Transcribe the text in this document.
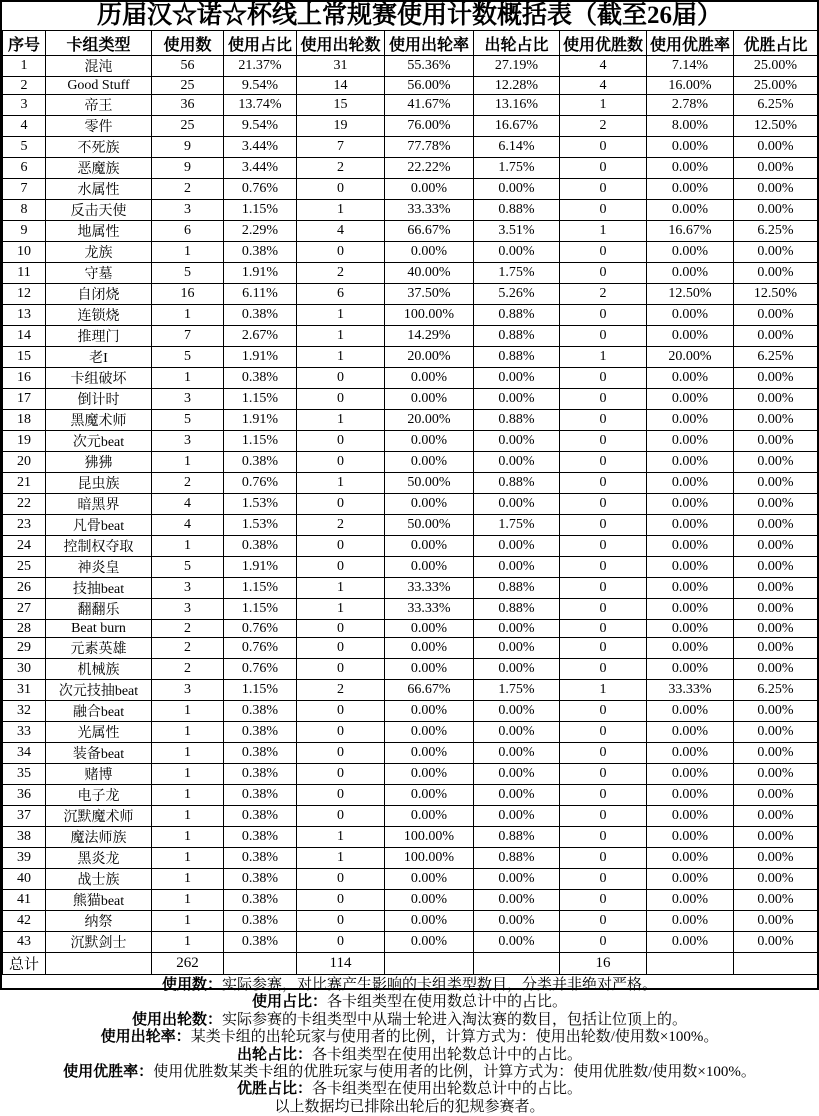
历届汉☆诺☆杯线上常规赛使用计数概括表（截至26届）
序号	卡组类型	使用数	使用占比	使用出轮数	使用出轮率	出轮占比	使用优胜数	使用优胜率	优胜占比
1	混沌	56	21.37%	31	55.36%	27.19%	4	7.14%	25.00%
2	Good Stuff	25	9.54%	14	56.00%	12.28%	4	16.00%	25.00%
3	帝王	36	13.74%	15	41.67%	13.16%	1	2.78%	6.25%
4	零件	25	9.54%	19	76.00%	16.67%	2	8.00%	12.50%
5	不死族	9	3.44%	7	77.78%	6.14%	0	0.00%	0.00%
6	恶魔族	9	3.44%	2	22.22%	1.75%	0	0.00%	0.00%
7	水属性	2	0.76%	0	0.00%	0.00%	0	0.00%	0.00%
8	反击天使	3	1.15%	1	33.33%	0.88%	0	0.00%	0.00%
9	地属性	6	2.29%	4	66.67%	3.51%	1	16.67%	6.25%
10	龙族	1	0.38%	0	0.00%	0.00%	0	0.00%	0.00%
11	守墓	5	1.91%	2	40.00%	1.75%	0	0.00%	0.00%
12	自闭烧	16	6.11%	6	37.50%	5.26%	2	12.50%	12.50%
13	连锁烧	1	0.38%	1	100.00%	0.88%	0	0.00%	0.00%
14	推理门	7	2.67%	1	14.29%	0.88%	0	0.00%	0.00%
15	老I	5	1.91%	1	20.00%	0.88%	1	20.00%	6.25%
16	卡组破坏	1	0.38%	0	0.00%	0.00%	0	0.00%	0.00%
17	倒计时	3	1.15%	0	0.00%	0.00%	0	0.00%	0.00%
18	黑魔术师	5	1.91%	1	20.00%	0.88%	0	0.00%	0.00%
19	次元beat	3	1.15%	0	0.00%	0.00%	0	0.00%	0.00%
20	狒狒	1	0.38%	0	0.00%	0.00%	0	0.00%	0.00%
21	昆虫族	2	0.76%	1	50.00%	0.88%	0	0.00%	0.00%
22	暗黑界	4	1.53%	0	0.00%	0.00%	0	0.00%	0.00%
23	凡骨beat	4	1.53%	2	50.00%	1.75%	0	0.00%	0.00%
24	控制权夺取	1	0.38%	0	0.00%	0.00%	0	0.00%	0.00%
25	神炎皇	5	1.91%	0	0.00%	0.00%	0	0.00%	0.00%
26	技抽beat	3	1.15%	1	33.33%	0.88%	0	0.00%	0.00%
27	翻翻乐	3	1.15%	1	33.33%	0.88%	0	0.00%	0.00%
28	Beat burn	2	0.76%	0	0.00%	0.00%	0	0.00%	0.00%
29	元素英雄	2	0.76%	0	0.00%	0.00%	0	0.00%	0.00%
30	机械族	2	0.76%	0	0.00%	0.00%	0	0.00%	0.00%
31	次元技抽beat	3	1.15%	2	66.67%	1.75%	1	33.33%	6.25%
32	融合beat	1	0.38%	0	0.00%	0.00%	0	0.00%	0.00%
33	光属性	1	0.38%	0	0.00%	0.00%	0	0.00%	0.00%
34	装备beat	1	0.38%	0	0.00%	0.00%	0	0.00%	0.00%
35	赌博	1	0.38%	0	0.00%	0.00%	0	0.00%	0.00%
36	电子龙	1	0.38%	0	0.00%	0.00%	0	0.00%	0.00%
37	沉默魔术师	1	0.38%	0	0.00%	0.00%	0	0.00%	0.00%
38	魔法师族	1	0.38%	1	100.00%	0.88%	0	0.00%	0.00%
39	黑炎龙	1	0.38%	1	100.00%	0.88%	0	0.00%	0.00%
40	战士族	1	0.38%	0	0.00%	0.00%	0	0.00%	0.00%
41	熊猫beat	1	0.38%	0	0.00%	0.00%	0	0.00%	0.00%
42	纳祭	1	0.38%	0	0.00%	0.00%	0	0.00%	0.00%
43	沉默剑士	1	0.38%	0	0.00%	0.00%	0	0.00%	0.00%
总计		262		114			16		
使用数：实际参赛，对比赛产生影响的卡组类型数目，分类并非绝对严格。
使用占比：各卡组类型在使用数总计中的占比。
使用出轮数：实际参赛的卡组类型中从瑞士轮进入淘汰赛的数目，包括让位顶上的。
使用出轮率：某类卡组的出轮玩家与使用者的比例，计算方式为：使用出轮数/使用数×100%。
出轮占比：各卡组类型在使用出轮数总计中的占比。
使用优胜率：使用优胜数某类卡组的优胜玩家与使用者的比例，计算方式为：使用优胜数/使用数×100%。
优胜占比：各卡组类型在使用出轮数总计中的占比。
以上数据均已排除出轮后的犯规参赛者。
